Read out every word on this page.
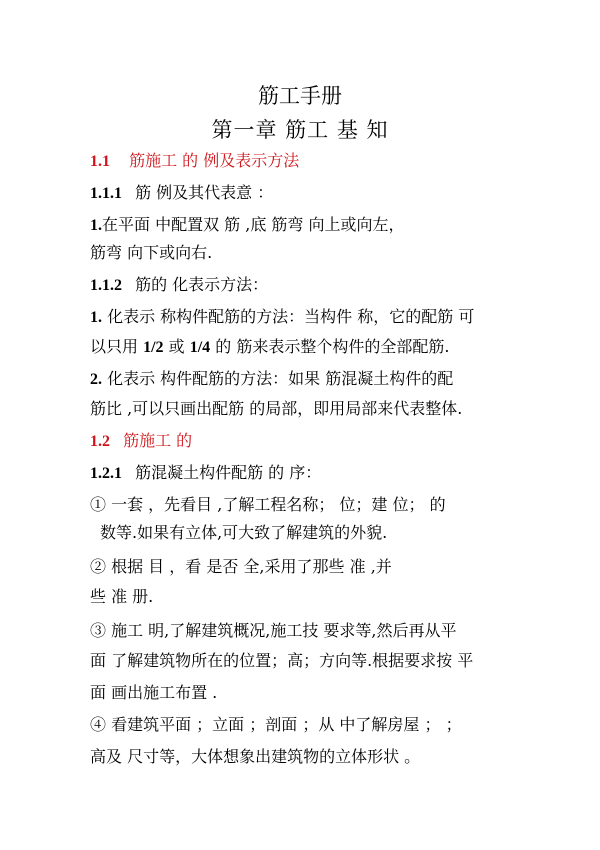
筋工手册
第一章 筋工 基 知
1.1 筋施工 的 例及表示方法
1.1.1 筋 例及其代表意 ：
1.在平面 中配置双 筋 ,底 筋弯 向上或向左，
筋弯 向下或向右.
1.1.2 筋的 化表示方法：
1. 化表示 称构件配筋的方法：当构件 称，它的配筋 可
以只用 1/2 或 1/4 的 筋来表示整个构件的全部配筋.
2. 化表示 构件配筋的方法：如果 筋混凝土构件的配
筋比 ,可以只画出配筋 的局部，即用局部来代表整体.
1.2 筋施工 的
1.2.1 筋混凝土构件配筋 的 序：
① 一套 ，先看目 ,了解工程名称； 位；建 位； 的
数等.如果有立体,可大致了解建筑的外貌.
② 根据 目 ，看 是否 全,采用了那些 准 ,并
些 准 册.
③ 施工 明,了解建筑概况,施工技 要求等,然后再从平
面 了解建筑物所在的位置；高；方向等.根据要求按 平
面 画出施工布置 .
④ 看建筑平面 ；立面 ；剖面 ；从 中了解房屋 ； ；
高及 尺寸等，大体想象出建筑物的立体形状 。
